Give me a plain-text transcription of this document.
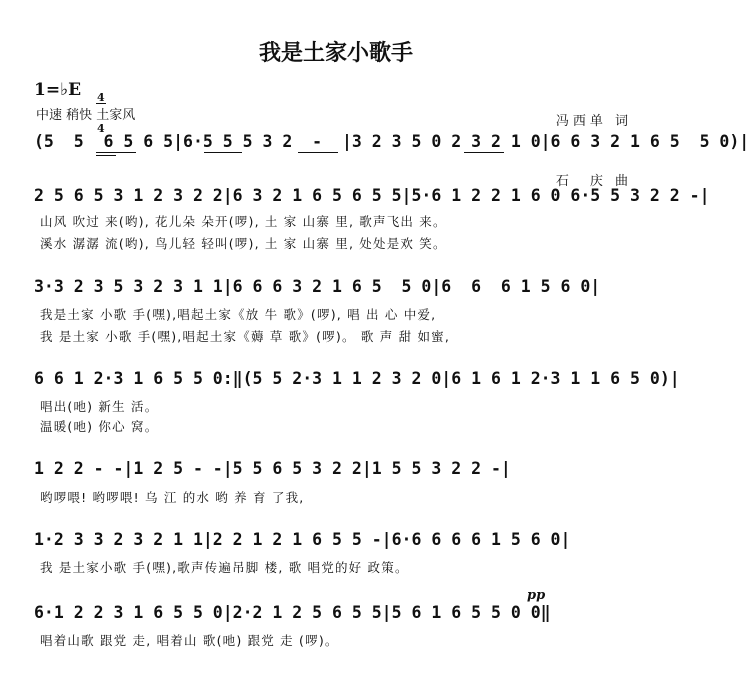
我是土家小歌手

冯西单 词

石　庆 曲

1=♭E

$\frac{4}{4}$

中速 稍快 土家风
(5  5  6 5 6 5|6·5 5 5 3 2  -  |3 2 3 5 0 2 3 2 1 0|6 6 3 2 1 6 5  5 0)|
2 5 6 5 3 1 2 3 2 2|6 3 2 1 6 5 6 5 5|5·6 1 2 2 1 6 0 6·5 5 3 2 2 -|
山风 吹过 来(哟), 花儿朵 朵开(啰), 土 家 山寨 里, 歌声飞出 来。
溪水 潺潺 流(哟), 鸟儿轻 轻叫(啰), 土 家 山寨 里, 处处是欢 笑。
3·3 2 3 5 3 2 3 1 1|6 6 6 3 2 1 6 5  5 0|6  6  6 1 5 6 0|
我是土家 小歌 手(嘿),唱起土家《放 牛 歌》(啰), 唱 出 心 中爱,
我 是土家 小歌 手(嘿),唱起土家《薅 草 歌》(啰)。 歌 声 甜 如蜜,
6 6 1 2·3 1 6 5 5 0:‖(5 5 2·3 1 1 2 3 2 0|6 1 6 1 2·3 1 1 6 5 0)|
唱出(吔) 新生 活。
温暖(吔) 你心 窝。
1 2 2 - -|1 2 5 - -|5 5 6 5 3 2 2|1 5 5 3 2 2 -|
哟啰喂! 哟啰喂! 乌 江 的水 哟 养 育 了我,
1·2 3 3 2 3 2 1 1|2 2 1 2 1 6 5 5 -|6·6 6 6 6 1 5 6 0|
我 是土家小歌 手(嘿),歌声传遍吊脚 楼, 歌 唱党的好 政策。
pp
6·1 2 2 3 1 6 5 5 0|2·2 1 2 5 6 5 5|5 6 1 6 5 5 0 0‖
唱着山歌 跟党 走, 唱着山 歌(吔) 跟党 走 (啰)。
